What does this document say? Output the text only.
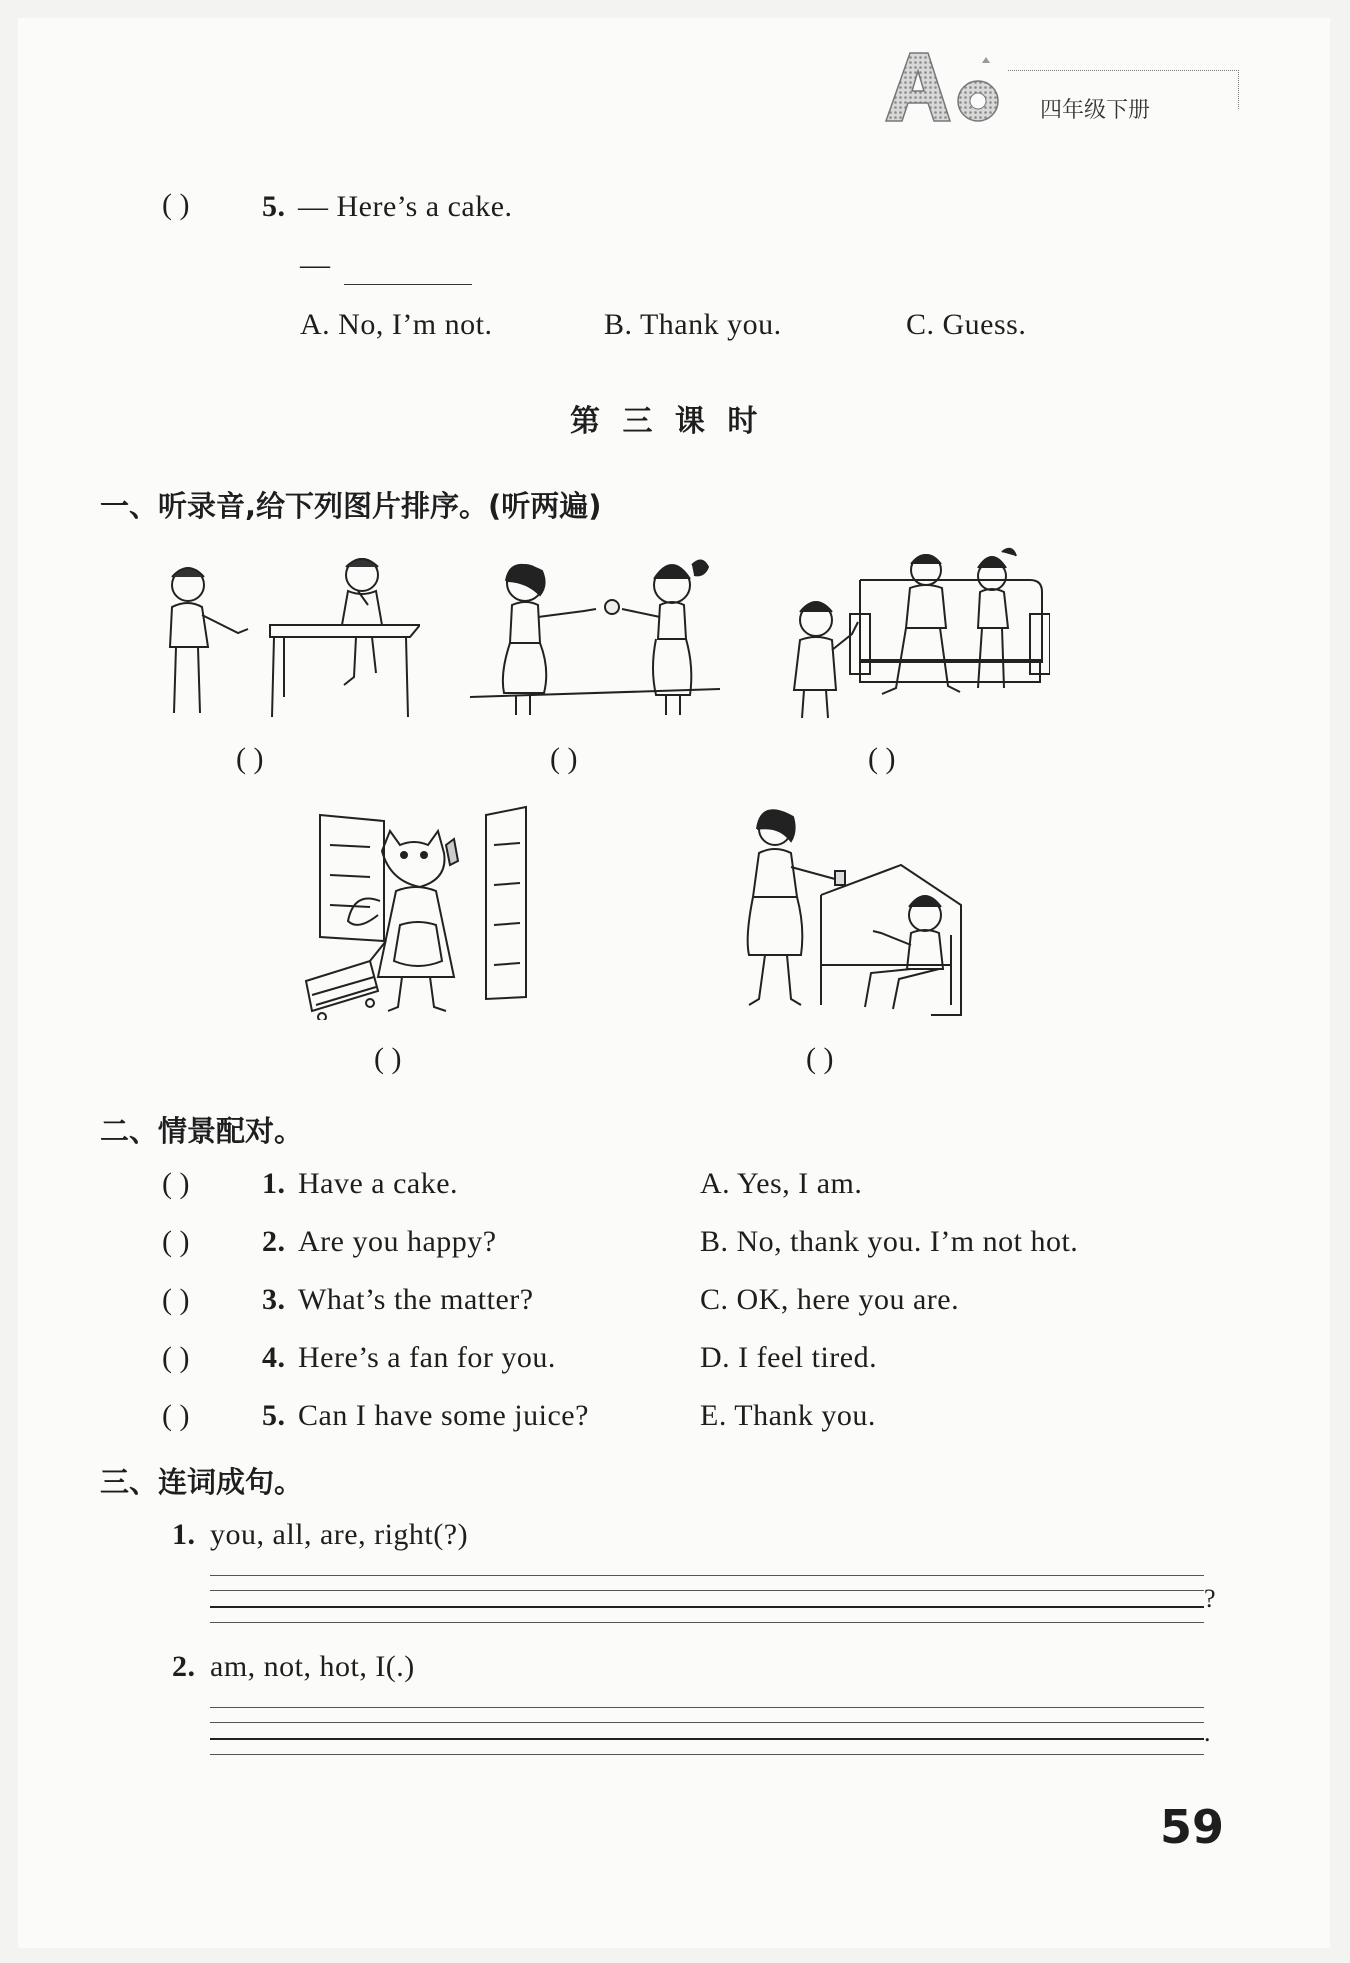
四年级下册
( ) 5. — Here’s a cake.
—
A. No, I’m not.	B. Thank you.	C. Guess.
第 三 课 时
一、听录音,给下列图片排序。(听两遍)
( )	( )	( )
( )	( )
二、情景配对。
( ) 1. Have a cake.	A. Yes, I am.
( ) 2. Are you happy?	B. No, thank you. I’m not hot.
( ) 3. What’s the matter?	C. OK, here you are.
( ) 4. Here’s a fan for you.	D. I feel tired.
( ) 5. Can I have some juice?	E. Thank you.
三、连词成句。
1. you, all, are, right(?)
?
2. am, not, hot, I(.)
.
59
